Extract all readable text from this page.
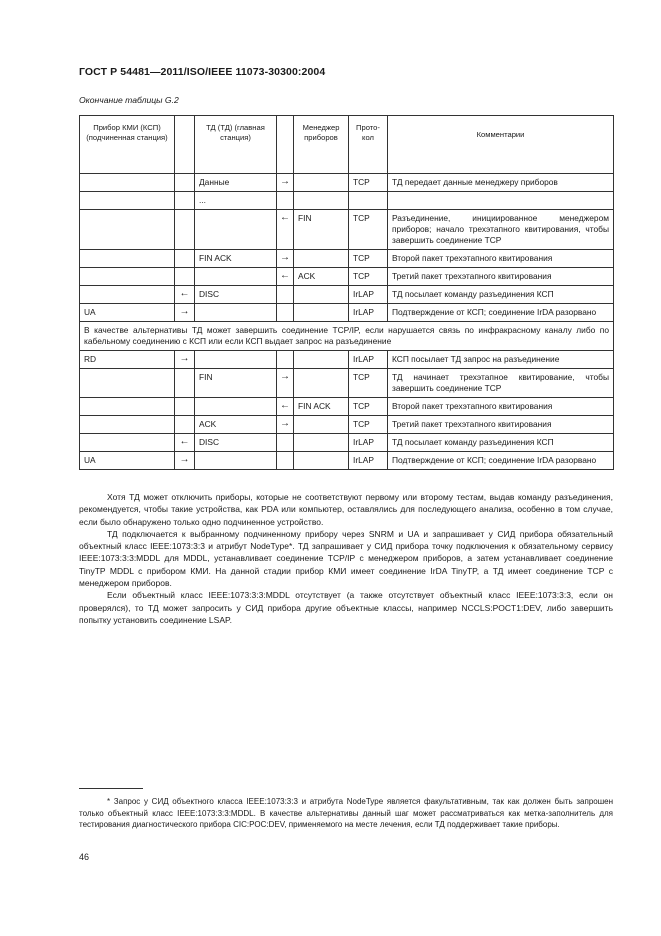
ГОСТ Р 54481—2011/ISO/IEEE 11073-30300:2004
Окончание таблицы G.2
Прибор КМИ (КСП) (подчиненная станция)		ТД (ТД) (главная станция)		Менеджер приборов	Прото-кол	Комментарии
		Данные	→		TCP	ТД передает данные менеджеру приборов
		...				
			←	FIN	TCP	Разъединение, инициированное менеджером приборов; начало трехэтапного квитирования, чтобы завершить соединение TCP
		FIN ACK	→		TCP	Второй пакет трехэтапного квитирования
			←	ACK	TCP	Третий пакет трехэтапного квитирования
	←	DISC			IrLAP	ТД посылает команду разъединения КСП
UA	→				IrLAP	Подтверждение от КСП; соединение IrDA разорвано
В качестве альтернативы ТД может завершить соединение TCP/IP, если нарушается связь по инфракрасному каналу либо по кабельному соединению с КСП или если КСП выдает запрос на разъединение						
RD	→				IrLAP	КСП посылает ТД запрос на разъединение
		FIN	→		TCP	ТД начинает трехэтапное квитирование, чтобы завершить соединение TCP
			←	FIN ACK	TCP	Второй пакет трехэтапного квитирования
		ACK	→		TCP	Третий пакет трехэтапного квитирования
	←	DISC			IrLAP	ТД посылает команду разъединения КСП
UA	→				IrLAP	Подтверждение от КСП; соединение IrDA разорвано

Хотя ТД может отключить приборы, которые не соответствуют первому или второму тестам, выдав команду разъединения, рекомендуется, чтобы такие устройства, как PDA или компьютер, оставлялись для последующего анализа, особенно в том случае, если было обнаружено только одно подчиненное устройство.

ТД подключается к выбранному подчиненному прибору через SNRM и UA и запрашивает у СИД прибора обязательный объектный класс IEEE:1073:3:3 и атрибут NodeType*. ТД запрашивает у СИД прибора точку подключения к обязательному сервису IEEE:1073:3:3:MDDL для MDDL, устанавливает соединение TCP/IP с менеджером приборов, а затем устанавливает соединение TinyTP MDDL с прибором КМИ. На данной стадии прибор КМИ имеет соединение IrDA TinyTP, а ТД имеет соединение TCP с менеджером приборов.

Если объектный класс IEEE:1073:3:3:MDDL отсутствует (а также отсутствует объектный класс IEEE:1073:3:3, если он проверялся), то ТД может запросить у СИД прибора другие объектные классы, например NCCLS:POCT1:DEV, либо завершить попытку установить соединение LSAP.

* Запрос у СИД объектного класса IEEE:1073:3:3 и атрибута NodeType является факультативным, так как должен быть запрошен только объектный класс IEEE:1073:3:3:MDDL. В качестве альтернативы данный шаг может рассматриваться как метка-заполнитель для тестирования диагностического прибора CIC:POC:DEV, применяемого на месте лечения, если ТД поддерживает такие приборы.
46
